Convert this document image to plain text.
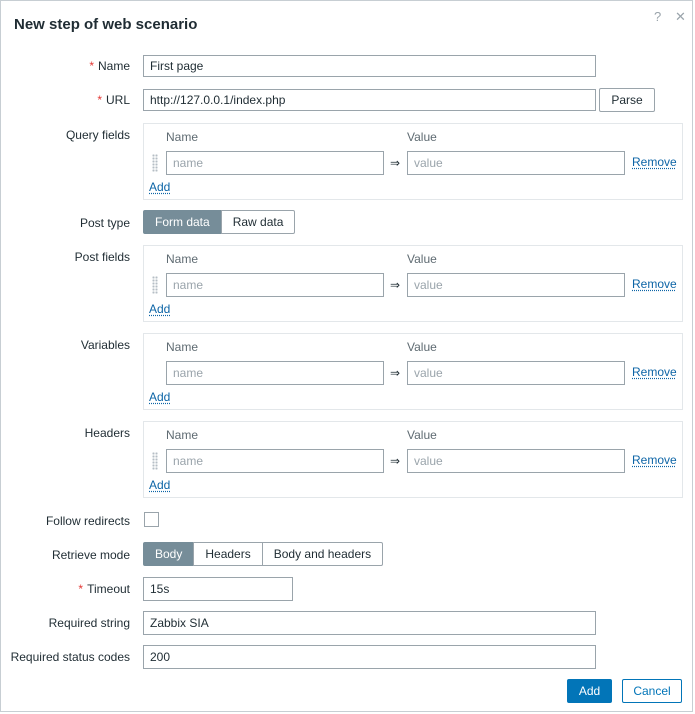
New step of web scenario	? ✕
* Name	First page
* URL	http://127.0.0.1/index.php	Parse
Query fields	Name	Value
name	⇒	value	Remove
Add
Post type	Form data	Raw data
Post fields	Name	Value
name	⇒	value	Remove
Add
Variables	Name	Value
name	⇒	value	Remove
Add
Headers	Name	Value
name	⇒	value	Remove
Add
Follow redirects
Retrieve mode	Body	Headers	Body and headers
* Timeout	15s
Required string	Zabbix SIA
Required status codes	200
Add	Cancel
